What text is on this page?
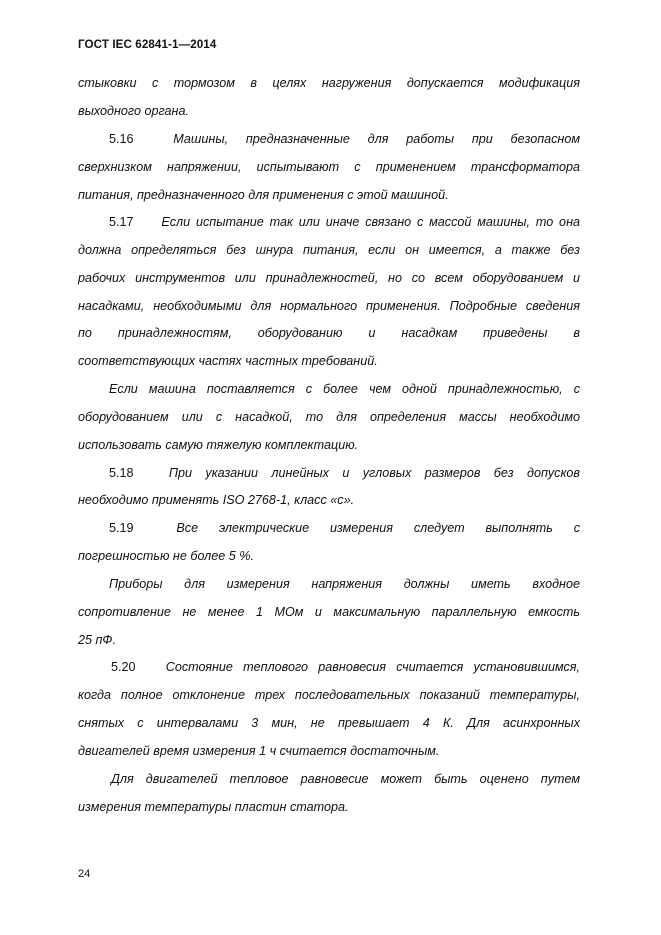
ГОСТ IEC 62841-1—2014
стыковки с тормозом в целях нагружения допускается модификация
выходного органа.
5.16	Машины, предназначенные для работы при безопасном
сверхнизком напряжении, испытывают с применением трансформатора
питания, предназначенного для применения с этой машиной.
5.17 Если испытание так или иначе связано с массой машины, то она
должна определяться без шнура питания, если он имеется, а также без
рабочих инструментов или принадлежностей, но со всем оборудованием и
насадками, необходимыми для нормального применения. Подробные сведения
по принадлежностям, оборудованию и насадкам приведены в
соответствующих частях частных требований.
Если машина поставляется с более чем одной принадлежностью, с
оборудованием или с насадкой, то для определения массы необходимо
использовать самую тяжелую комплектацию.
5.18	При указании линейных и угловых размеров без допусков
необходимо применять ISO 2768-1, класс «с».
5.19	Все электрические измерения следует выполнять с
погрешностью не более 5 %.
Приборы для измерения напряжения должны иметь входное
сопротивление не менее 1 МОм и максимальную параллельную емкость
25 пФ.
5.20 Состояние теплового равновесия считается установившимся,
когда полное отклонение трех последовательных показаний температуры,
снятых с интервалами 3 мин, не превышает 4 К. Для асинхронных
двигателей время измерения 1 ч считается достаточным.
Для двигателей тепловое равновесие может быть оценено путем
измерения температуры пластин статора.
24
